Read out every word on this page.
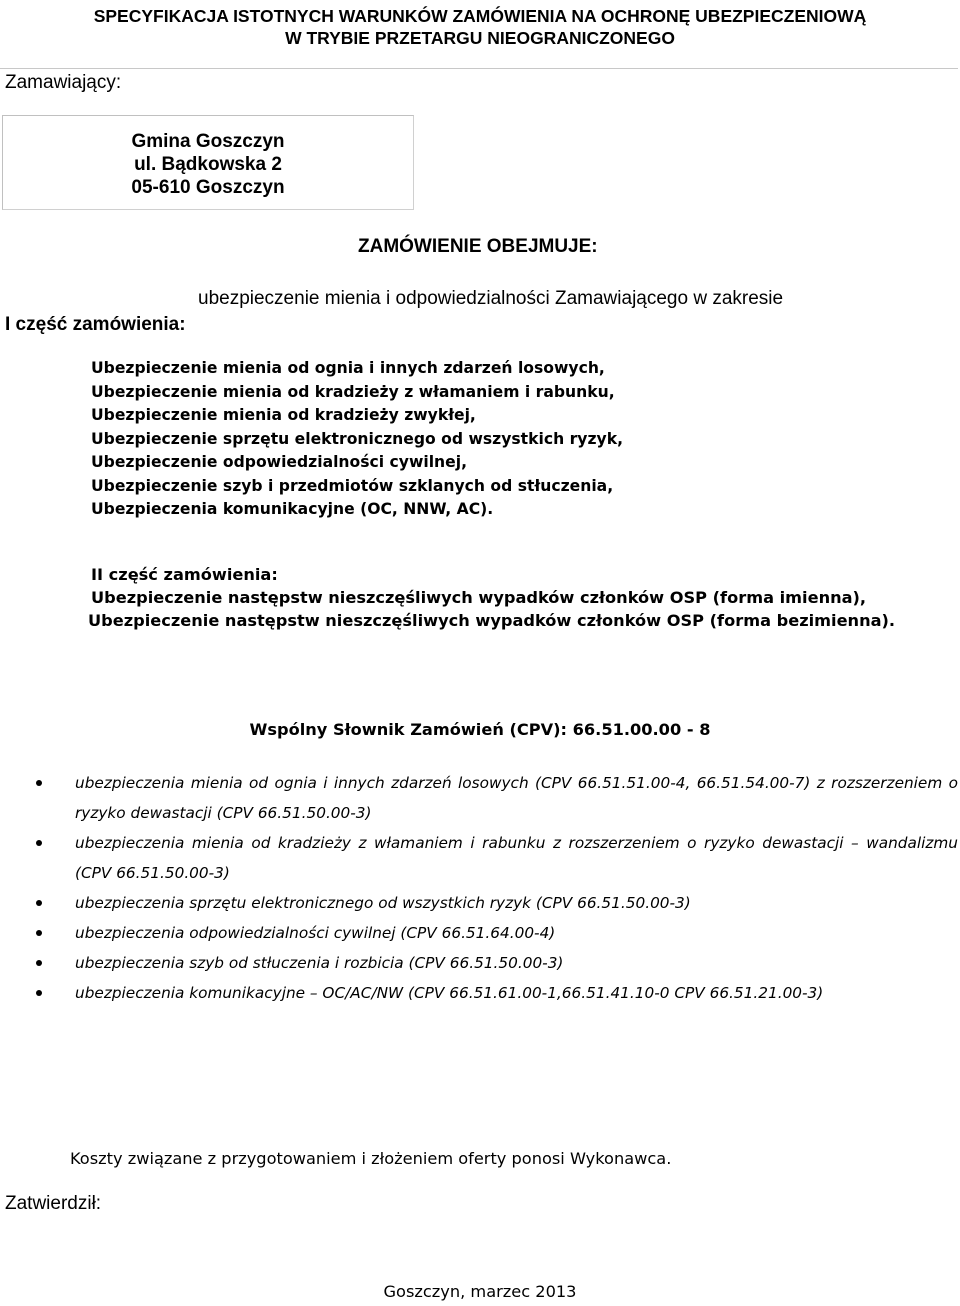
SPECYFIKACJA ISTOTNYCH WARUNKÓW ZAMÓWIENIA NA OCHRONĘ UBEZPIECZENIOWĄ
W TRYBIE PRZETARGU NIEOGRANICZONEGO
Zamawiający:
Gmina Goszczyn
ul. Bądkowska 2
05-610 Goszczyn
ZAMÓWIENIE OBEJMUJE:
ubezpieczenie mienia i odpowiedzialności Zamawiającego w zakresie
I część zamówienia:
Ubezpieczenie mienia od ognia i innych zdarzeń losowych,
Ubezpieczenie mienia od kradzieży z włamaniem i rabunku,
Ubezpieczenie mienia od kradzieży zwykłej,
Ubezpieczenie sprzętu elektronicznego od wszystkich ryzyk,
Ubezpieczenie odpowiedzialności cywilnej,
Ubezpieczenie szyb i przedmiotów szklanych od stłuczenia,
Ubezpieczenia komunikacyjne (OC, NNW, AC).
II część zamówienia:
Ubezpieczenie następstw nieszczęśliwych wypadków członków OSP (forma imienna),
Ubezpieczenie następstw nieszczęśliwych wypadków członków OSP (forma bezimienna).
Wspólny Słownik Zamówień (CPV): 66.51.00.00 - 8
ubezpieczenia mienia od ognia i innych zdarzeń losowych (CPV 66.51.51.00-4, 66.51.54.00-7) z rozszerzeniem o ryzyko dewastacji (CPV 66.51.50.00-3)
ubezpieczenia mienia od kradzieży z włamaniem i rabunku z rozszerzeniem o ryzyko dewastacji – wandalizmu (CPV 66.51.50.00-3)
ubezpieczenia sprzętu elektronicznego od wszystkich ryzyk (CPV 66.51.50.00-3)
ubezpieczenia odpowiedzialności cywilnej (CPV 66.51.64.00-4)
ubezpieczenia szyb od stłuczenia i rozbicia (CPV 66.51.50.00-3)
ubezpieczenia komunikacyjne – OC/AC/NW (CPV 66.51.61.00-1,66.51.41.10-0 CPV 66.51.21.00-3)
Koszty związane z przygotowaniem i złożeniem oferty ponosi Wykonawca.
Zatwierdził:
Goszczyn, marzec 2013
